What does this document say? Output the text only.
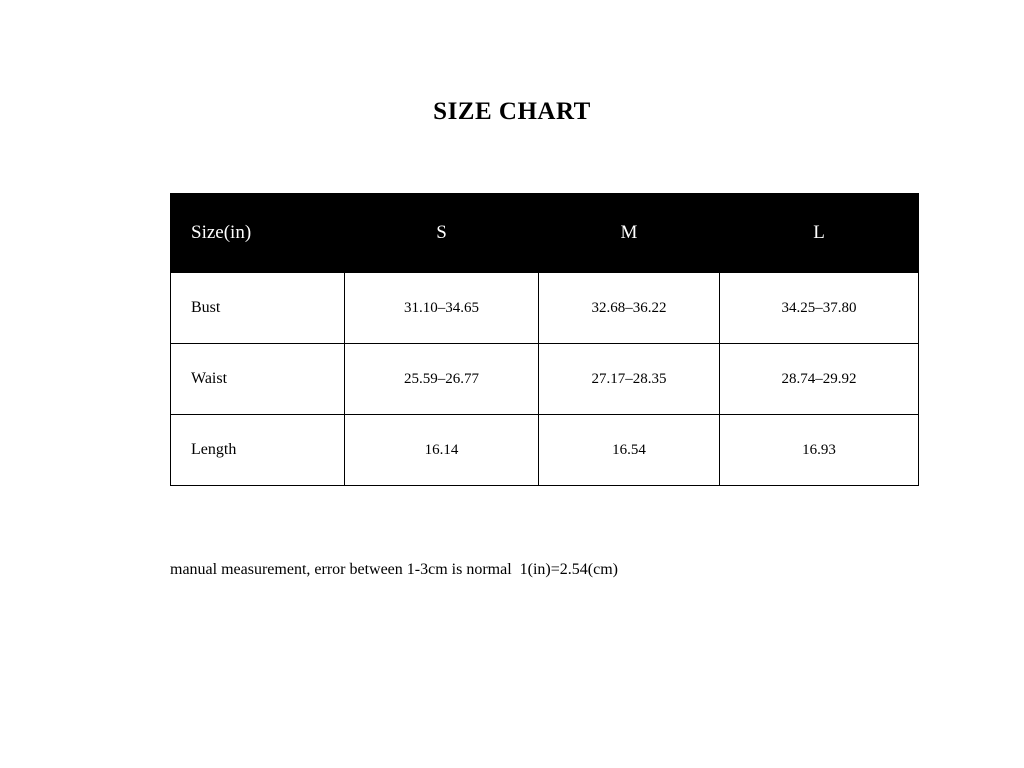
SIZE CHART
Size(in)	S	M	L
Bust	31.10–34.65	32.68–36.22	34.25–37.80
Waist	25.59–26.77	27.17–28.35	28.74–29.92
Length	16.14	16.54	16.93
manual measurement, error between 1-3cm is normal  1(in)=2.54(cm)
